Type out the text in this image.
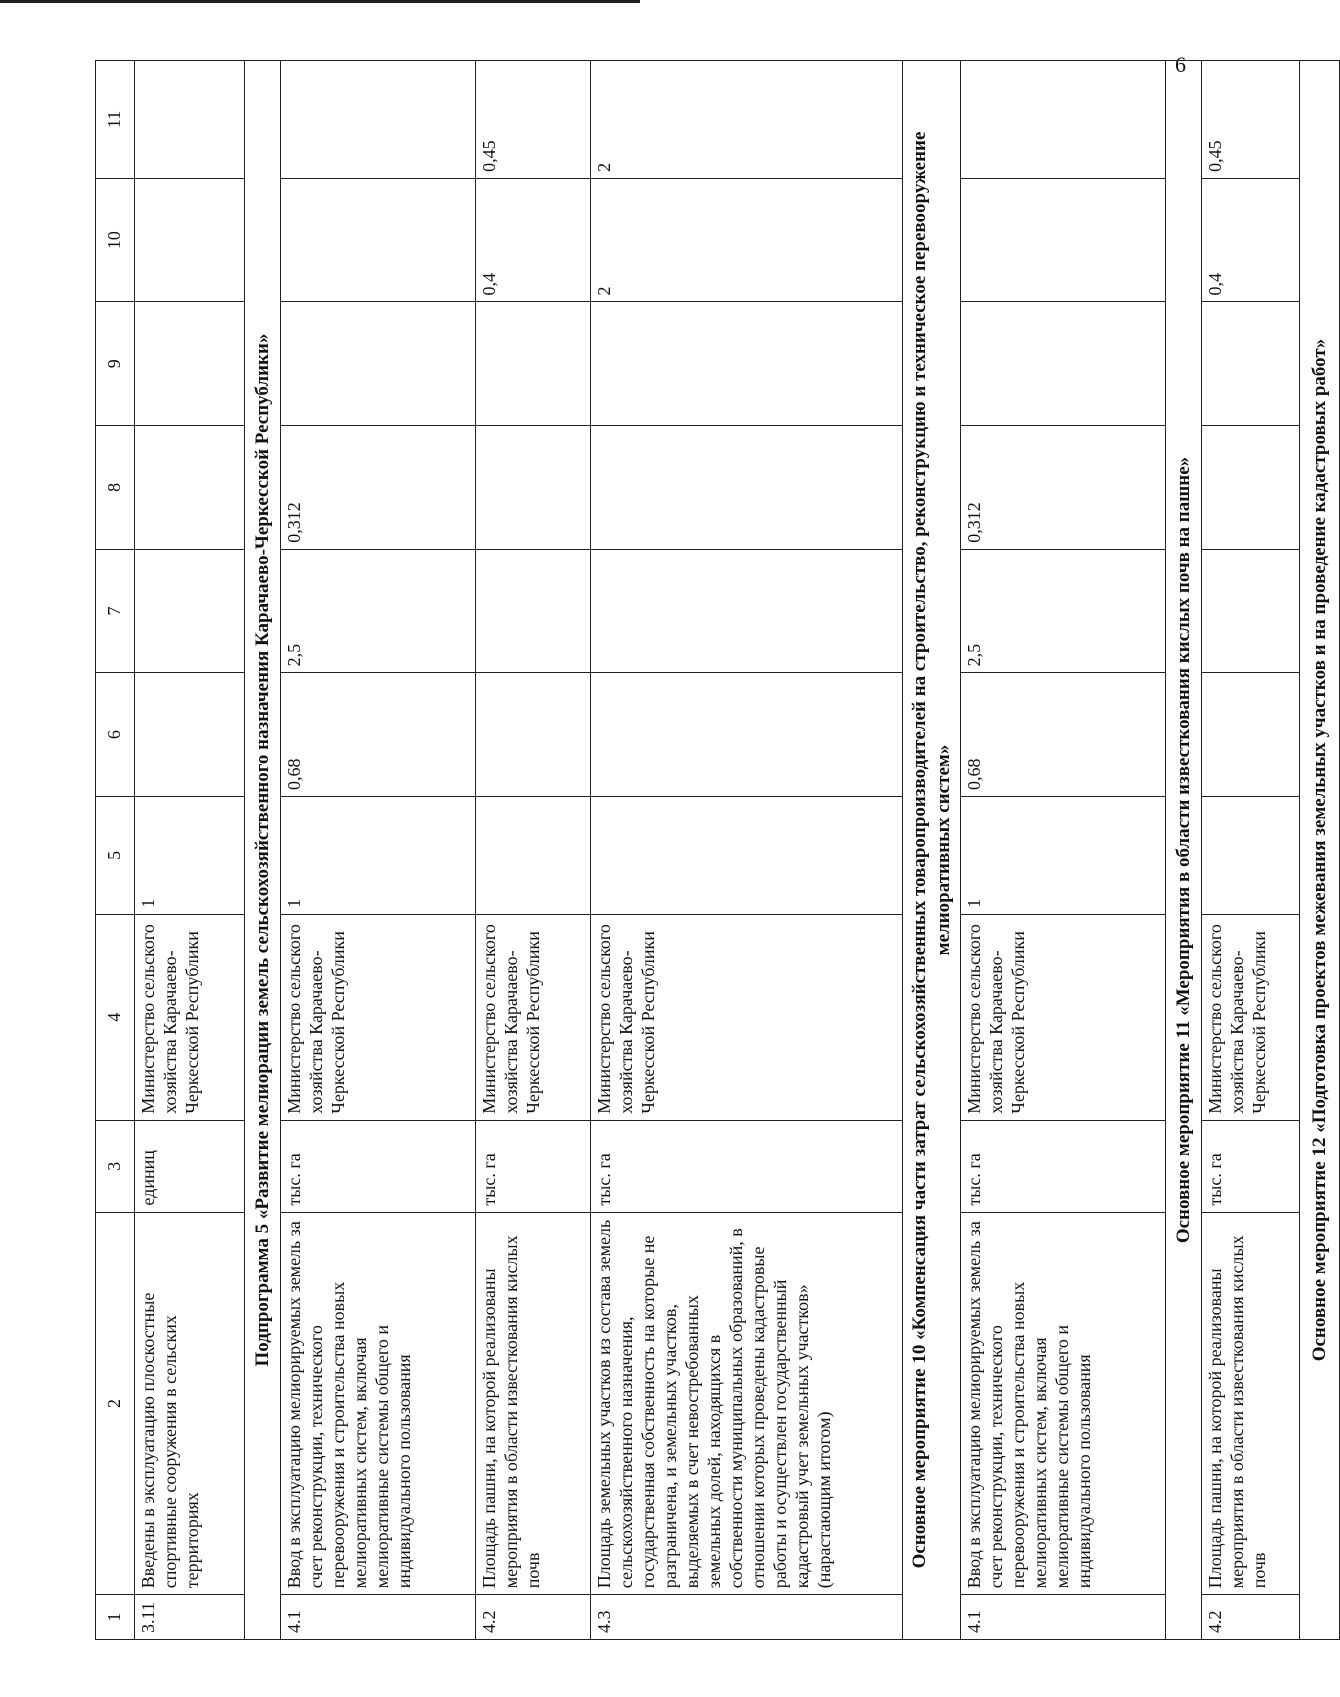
6
1	2	3	4	5	6	7	8	9	10	11
3.11	Введены в эксплуатацию плоскостные спортивные сооружения в сельских территориях	единиц	Министерство сельского хозяйства Карачаево-Черкесской Республики	1						
Подпрограмма 5 «Развитие мелиорации земель сельскохозяйственного назначения Карачаево-Черкесской Республики»										
4.1	Ввод в эксплуатацию мелиорируемых земель за счет реконструкции, технического перевооружения и строительства новых мелиоративных систем, включая мелиоративные системы общего и индивидуального пользования	тыс. га	Министерство сельского хозяйства Карачаево-Черкесской Республики	1	0,68	2,5	0,312			
4.2	Площадь пашни, на которой реализованы мероприятия в области известкования кислых почв	тыс. га	Министерство сельского хозяйства Карачаево-Черкесской Республики						0,4	0,45
4.3	Площадь земельных участков из состава земель сельскохозяйственного назначения, государственная собственность на которые не разграничена, и земельных участков, выделяемых в счет невостребованных земельных долей, находящихся в собственности муниципальных образований, в отношении которых проведены кадастровые работы и осуществлен государственный кадастровый учет земельных участков» (нарастающим итогом)	тыс. га	Министерство сельского хозяйства Карачаево-Черкесской Республики						2	2
Основное мероприятие 10 «Компенсация части затрат сельскохозяйственных товаропроизводителей на строительство, реконструкцию и техническое перевооружение мелиоративных систем»										
4.1	Ввод в эксплуатацию мелиорируемых земель за счет реконструкции, технического перевооружения и строительства новых мелиоративных систем, включая мелиоративные системы общего и индивидуального пользования	тыс. га	Министерство сельского хозяйства Карачаево-Черкесской Республики	1	0,68	2,5	0,312			
Основное мероприятие 11 «Мероприятия в области известкования кислых почв на пашне»										
4.2	Площадь пашни, на которой реализованы мероприятия в области известкования кислых почв	тыс. га	Министерство сельского хозяйства Карачаево-Черкесской Республики						0,4	0,45
Основное мероприятие 12 «Подготовка проектов межевания земельных участков и на проведение кадастровых работ»										
